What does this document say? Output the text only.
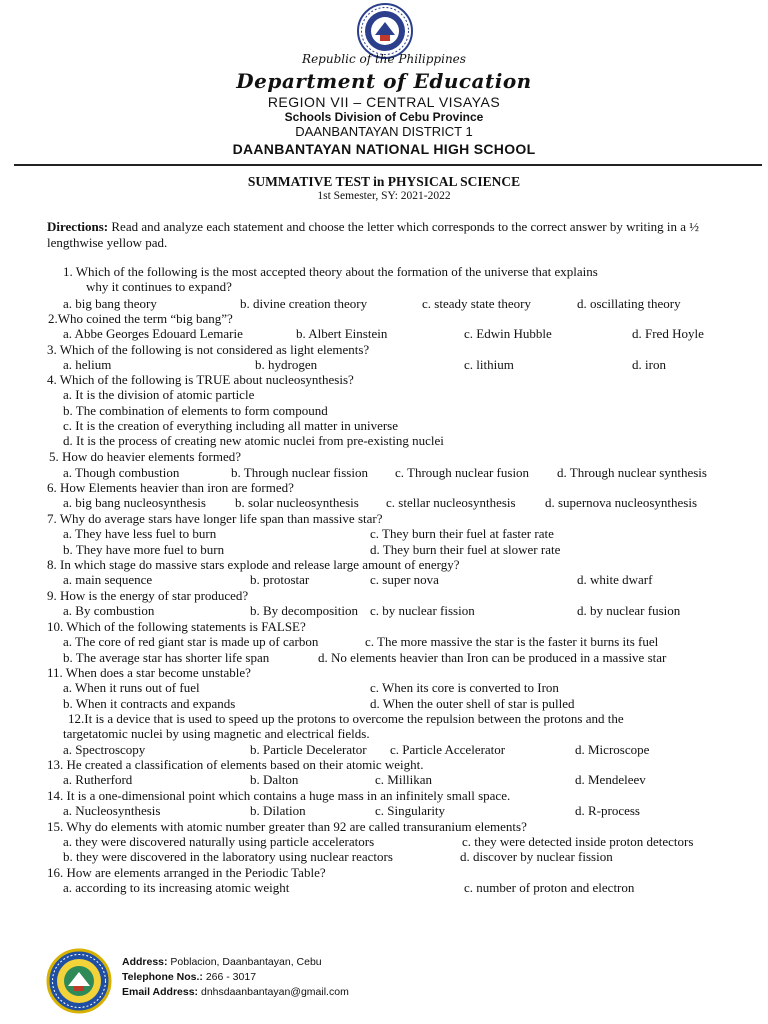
Republic of the Philippines
Department of Education
REGION VII – CENTRAL VISAYAS
Schools Division of Cebu Province
DAANBANTAYAN DISTRICT 1
DAANBANTAYAN NATIONAL HIGH SCHOOL
SUMMATIVE TEST in PHYSICAL SCIENCE
1st Semester, SY: 2021-2022
Directions: Read and analyze each statement and choose the letter which corresponds to the correct answer by writing in a ½ lengthwise yellow pad.
1. Which of the following is the most accepted theory about the formation of the universe that explains
why it continues to expand?
a. big bang theory	b. divine creation theory	c. steady state theory	d. oscillating theory
2.Who coined the term “big bang”?
a. Abbe Georges Edouard Lemarie	b. Albert Einstein	c. Edwin Hubble	d. Fred Hoyle
3. Which of the following is not considered as light elements?
a. helium	b. hydrogen	c. lithium	d. iron
4. Which of the following is TRUE about nucleosynthesis?
a. It is the division of atomic particle
b. The combination of elements to form compound
c. It is the creation of everything including all matter in universe
d. It is the process of creating new atomic nuclei from pre-existing nuclei
5. How do heavier elements formed?
a. Though combustion	b. Through nuclear fission c. Through nuclear fusion d. Through nuclear synthesis
6. How Elements heavier than iron are formed?
a. big bang nucleosynthesis b. solar nucleosynthesis c. stellar nucleosynthesis d. supernova nucleosynthesis
7. Why do average stars have longer life span than massive star?
a. They have less fuel to burn	c. They burn their fuel at faster rate
b. They have more fuel to burn	d. They burn their fuel at slower rate
8. In which stage do massive stars explode and release large amount of energy?
a. main sequence	b. protostar	c. super nova	d. white dwarf
9. How is the energy of star produced?
a. By combustion	b. By decomposition c. by nuclear fission	d. by nuclear fusion
10. Which of the following statements is FALSE?
a. The core of red giant star is made up of carbon	c. The more massive the star is the faster it burns its fuel
b. The average star has shorter life span	d. No elements heavier than Iron can be produced in a massive star
11. When does a star become unstable?
a. When it runs out of fuel	c. When its core is converted to Iron
b. When it contracts and expands	d. When the outer shell of star is pulled
12.It is a device that is used to speed up the protons to overcome the repulsion between the protons and the
targetatomic nuclei by using magnetic and electrical fields.
a. Spectroscopy	b. Particle Decelerator c. Particle Accelerator	d. Microscope
13. He created a classification of elements based on their atomic weight.
a. Rutherford	b. Dalton	c. Millikan	d. Mendeleev
14. It is a one-dimensional point which contains a huge mass in an infinitely small space.
a. Nucleosynthesis	b. Dilation	c. Singularity	d. R-process
15. Why do elements with atomic number greater than 92 are called transuranium elements?
a. they were discovered naturally using particle accelerators	c. they were detected inside proton detectors
b. they were discovered in the laboratory using nuclear reactors	d. discover by nuclear fission
16. How are elements arranged in the Periodic Table?
a. according to its increasing atomic weight	c. number of proton and electron
Address: Poblacion, Daanbantayan, Cebu
Telephone Nos.: 266 - 3017
Email Address: dnhsdaanbantayan@gmail.com
